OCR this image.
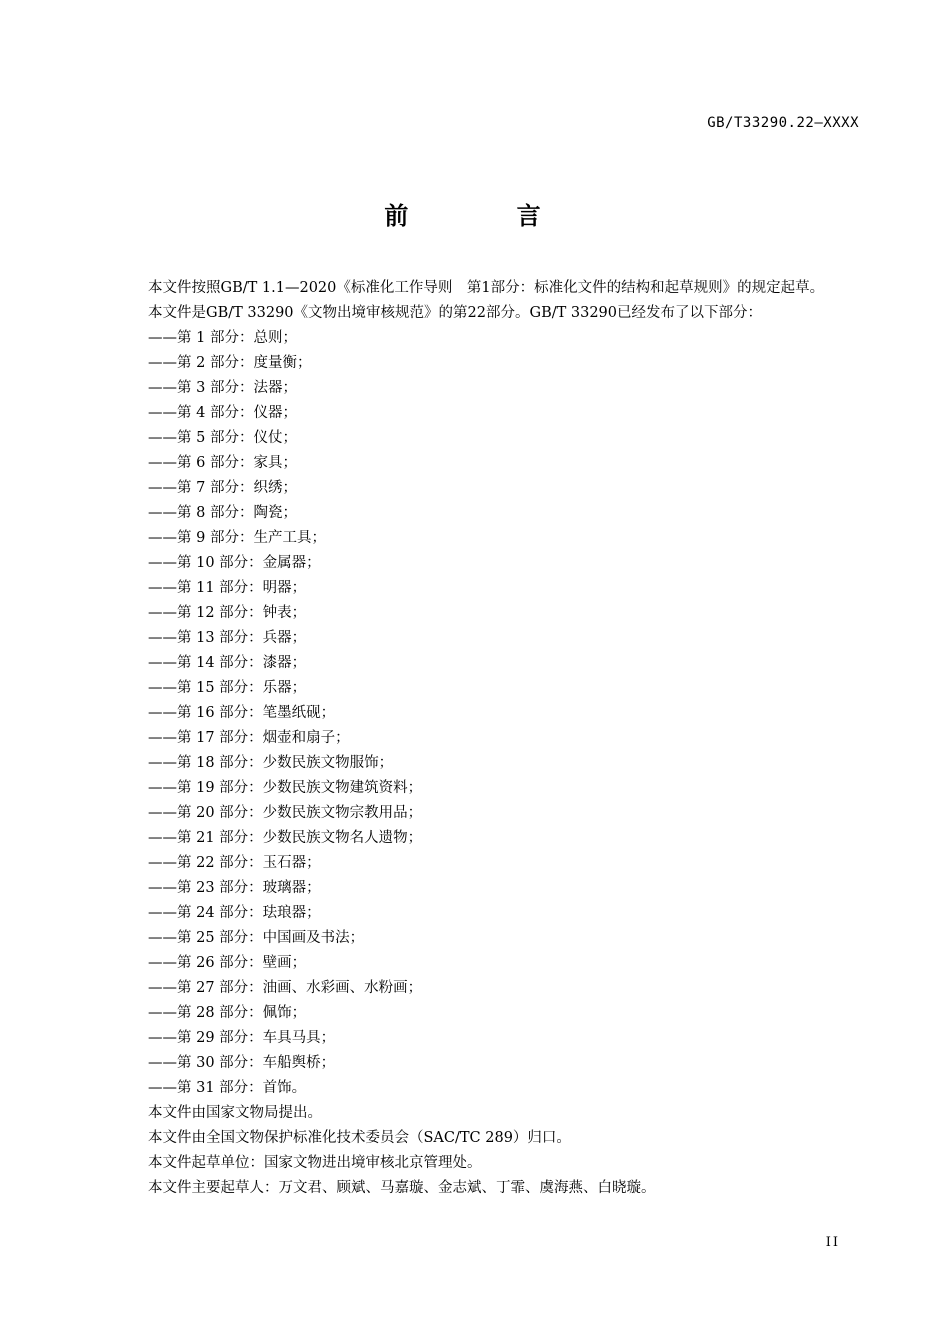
GB/T33290.22—XXXX
前 言

本文件按照GB/T 1.1—2020《标准化工作导则　第1部分：标准化文件的结构和起草规则》的规定起草。

本文件是GB/T 33290《文物出境审核规范》的第22部分。GB/T 33290已经发布了以下部分：

——第 1 部分：总则；
——第 2 部分：度量衡；
——第 3 部分：法器；
——第 4 部分：仪器；
——第 5 部分：仪仗；
——第 6 部分：家具；
——第 7 部分：织绣；
——第 8 部分：陶瓷；
——第 9 部分：生产工具；
——第 10 部分：金属器；
——第 11 部分：明器；
——第 12 部分：钟表；
——第 13 部分：兵器；
——第 14 部分：漆器；
——第 15 部分：乐器；
——第 16 部分：笔墨纸砚；
——第 17 部分：烟壶和扇子；
——第 18 部分：少数民族文物服饰；
——第 19 部分：少数民族文物建筑资料；
——第 20 部分：少数民族文物宗教用品；
——第 21 部分：少数民族文物名人遗物；
——第 22 部分：玉石器；
——第 23 部分：玻璃器；
——第 24 部分：珐琅器；
——第 25 部分：中国画及书法；
——第 26 部分：壁画；
——第 27 部分：油画、水彩画、水粉画；
——第 28 部分：佩饰；
——第 29 部分：车具马具；
——第 30 部分：车船舆桥；
——第 31 部分：首饰。

本文件由国家文物局提出。

本文件由全国文物保护标准化技术委员会（SAC/TC 289）归口。

本文件起草单位：国家文物进出境审核北京管理处。

本文件主要起草人：万文君、顾斌、马嘉璇、金志斌、丁霏、虞海燕、白晓璇。

II
